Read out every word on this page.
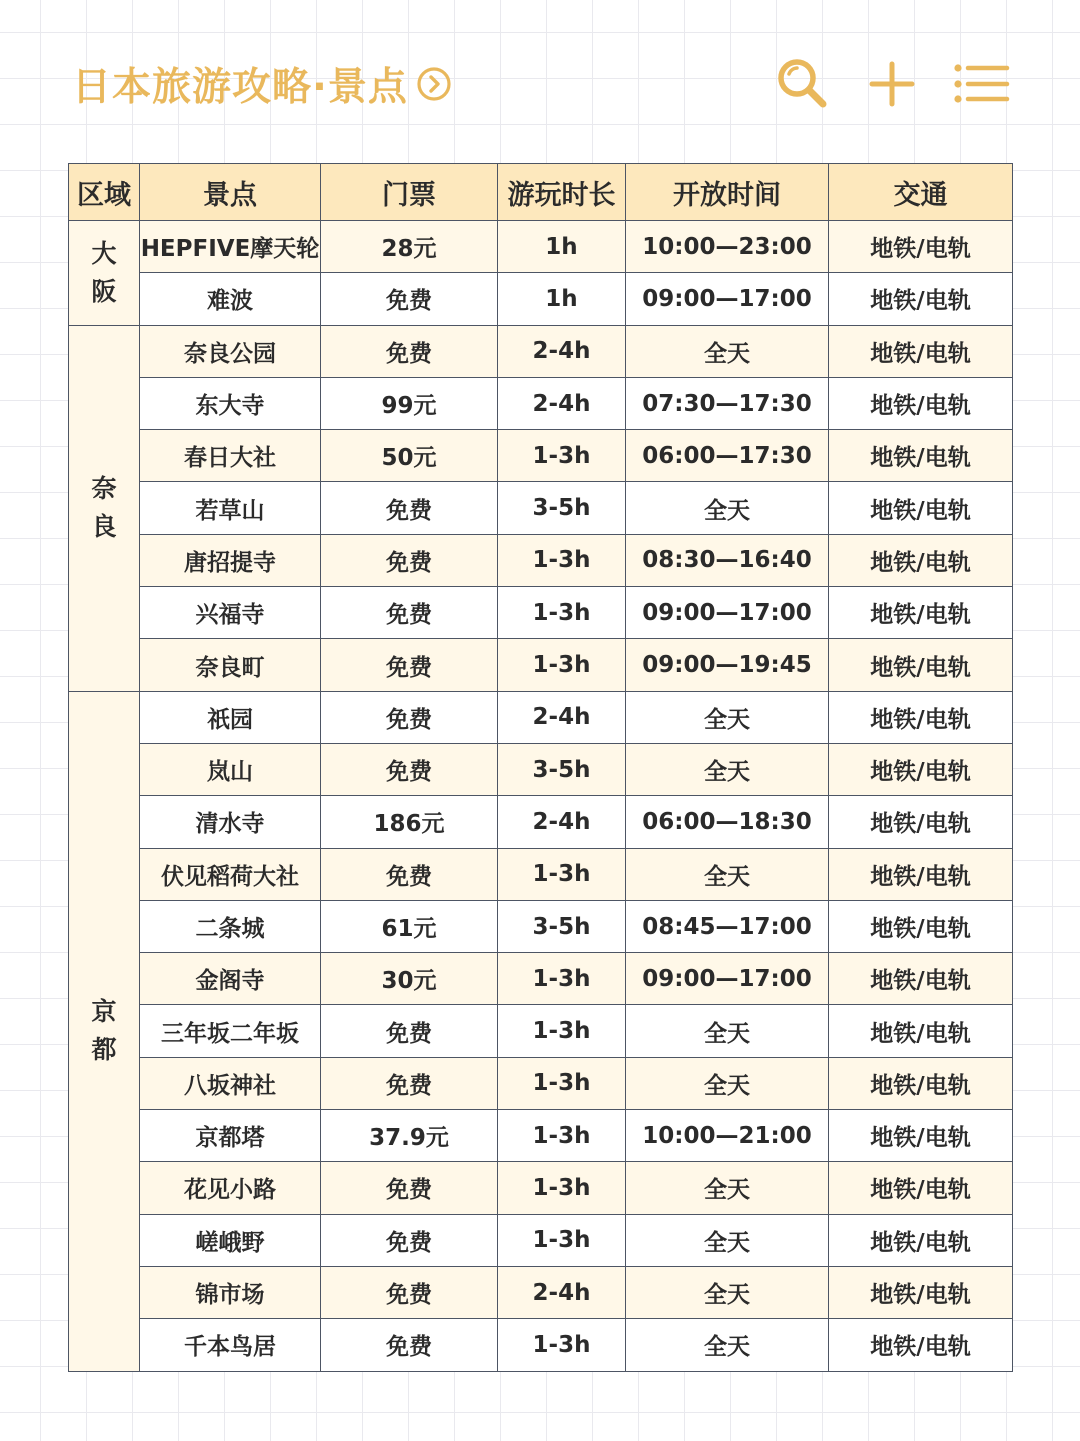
日本旅游攻略·景点
区域	景点	门票	游玩时长	开放时间	交通

大
阪	HEPFIVE摩天轮	28元	1h	10:00—23:00	地铁/电轨
	难波	免费	1h	09:00—17:00	地铁/电轨

奈
良	奈良公园	免费	2-4h	全天	地铁/电轨
	东大寺	99元	2-4h	07:30—17:30	地铁/电轨
	春日大社	50元	1-3h	06:00—17:30	地铁/电轨
	若草山	免费	3-5h	全天	地铁/电轨
	唐招提寺	免费	1-3h	08:30—16:40	地铁/电轨
	兴福寺	免费	1-3h	09:00—17:00	地铁/电轨
	奈良町	免费	1-3h	09:00—19:45	地铁/电轨

京
都	祇园	免费	2-4h	全天	地铁/电轨
	岚山	免费	3-5h	全天	地铁/电轨
	清水寺	186元	2-4h	06:00—18:30	地铁/电轨
	伏见稻荷大社	免费	1-3h	全天	地铁/电轨
	二条城	61元	3-5h	08:45—17:00	地铁/电轨
	金阁寺	30元	1-3h	09:00—17:00	地铁/电轨
	三年坂二年坂	免费	1-3h	全天	地铁/电轨
	八坂神社	免费	1-3h	全天	地铁/电轨
	京都塔	37.9元	1-3h	10:00—21:00	地铁/电轨
	花见小路	免费	1-3h	全天	地铁/电轨
	嵯峨野	免费	1-3h	全天	地铁/电轨
	锦市场	免费	2-4h	全天	地铁/电轨
	千本鸟居	免费	1-3h	全天	地铁/电轨
